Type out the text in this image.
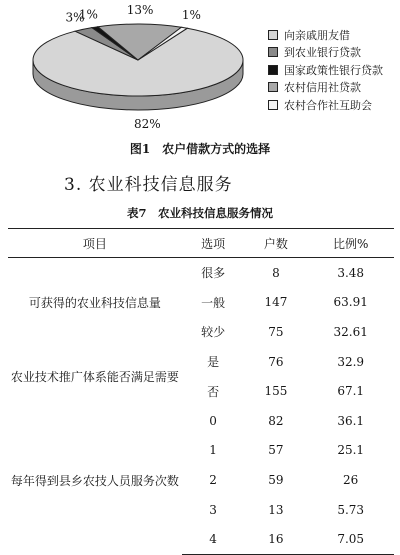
82%
3%
1% 13% 1%
向亲戚朋友借
到农业银行贷款
国家政策性银行贷款
农村信用社贷款
农村合作社互助会
图1　农户借款方式的选择
3. 农业科技信息服务
表7　农业科技信息服务情况
项目	选项	户数	比例%
可获得的农业科技信息量	很多	8	3.48
	一般	147	63.91
	较少	75	32.61
农业技术推广体系能否满足需要	是	76	32.9
	否	155	67.1
每年得到县乡农技人员服务次数	0	82	36.1
	1	57	25.1
	2	59	26
	3	13	5.73
	4	16	7.05
